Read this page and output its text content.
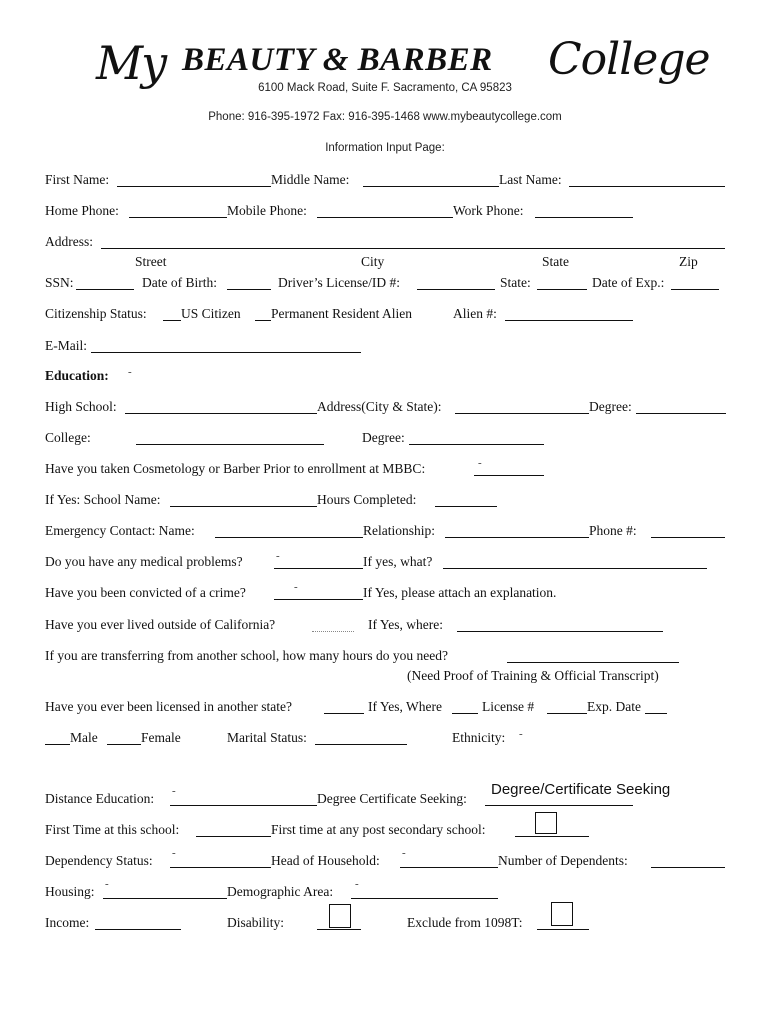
My BEAUTY & BARBER College
6100 Mack Road, Suite F. Sacramento, CA 95823
Phone: 916-395-1972 Fax: 916-395-1468 www.mybeautycollege.com
Information Input Page:
First Name:	Middle Name:	Last Name:
Home Phone:	Mobile Phone:	Work Phone:
Address:
Street	City	State	Zip
SSN:	Date of Birth:	Driver’s License/ID #:	State:	Date of Exp.:
Citizenship Status:	US Citizen Permanent Resident Alien	Alien #:
E-Mail:
Education: -
High School:	Address(City & State):	Degree:
College:	Degree:
Have you taken Cosmetology or Barber Prior to enrollment at MBBC:	-
If Yes: School Name:	Hours Completed:
Emergency Contact: Name:	Relationship:	Phone #:
Do you have any medical problems?	-	If yes, what?
Have you been convicted of a crime?	-	If Yes, please attach an explanation.
Have you ever lived outside of California?	If Yes, where:
If you are transferring from another school, how many hours do you need?
(Need Proof of Training & Official Transcript)
Have you ever been licensed in another state?	If Yes, Where	License #	Exp. Date
Male	Female	Marital Status:	Ethnicity: -
Distance Education: -	Degree Certificate Seeking:
Degree/Certificate Seeking
First Time at this school:	First time at any post secondary school:
Dependency Status: -	Head of Household: -	Number of Dependents:
Housing: -	Demographic Area: -
Income:	Disability:	Exclude from 1098T:
